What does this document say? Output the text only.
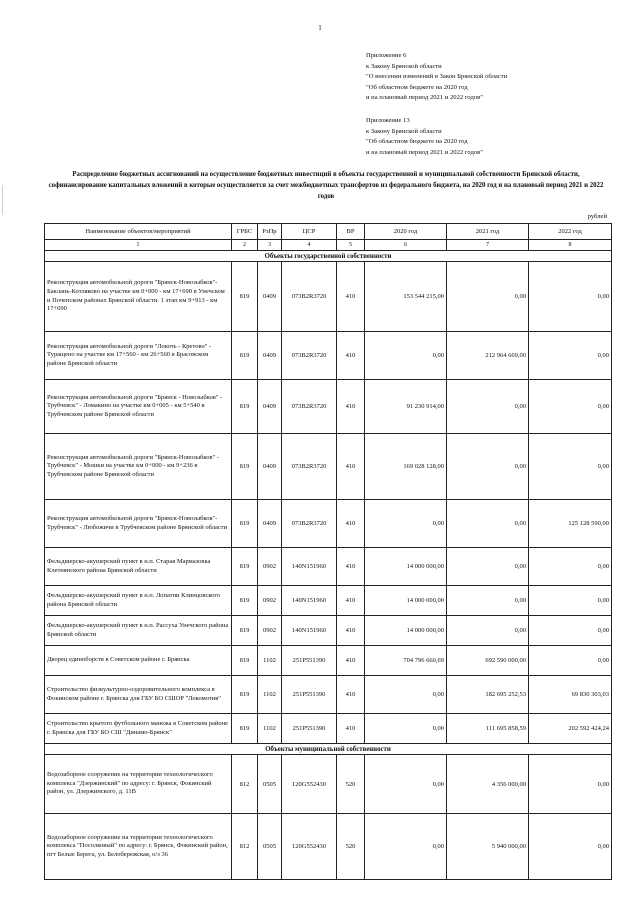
1
Приложение 6
к Закону Брянской области
"О внесении изменений в Закон Брянской области
"Об областном бюджете на 2020 год
и на плановый период 2021 и 2022 годов"
Приложение 13
к Закону Брянской области
"Об областном бюджете на 2020 год
и на плановый период 2021 и 2022 годов"
Распределение бюджетных ассигнований на осуществление бюджетных инвестиций в объекты государственной и муниципальной собственности Брянской области, софинансирование капитальных вложений в которые осуществляется за счет межбюджетных трансфертов из федерального бюджета, на 2020 год и на плановый период 2021 и 2022 годов
рублей
Наименование объектов/мероприятий	ГРБС	РзПр	ЦСР	ВР	2020 год	2021 год	2022 год
1	2	3	4	5	6	7	8
Объекты государственной собственности							
Реконструкция автомобильной дороги "Брянск-Новозыбков"-Баклань-Котляково на участке км 0+000 - км 17+690 в Унечском и Почепском районах Брянской области. 1 этап км 9+913 - км 17+690	819	0409	073В2R3720	410	153 544 215,00	0,00	0,00
Реконструкция автомобильной дороги "Локоть - Кретово" - Туращено на участке км 17+560 - км 26+560 в Брасовском районе Брянской области	819	0409	073В2R3720	410	0,00	212 964 669,00	0,00
Реконструкция автомобильной дороги "Брянск - Новозыбков" - Трубчевск" - Ломакино на участке км 0+005 - км 5+540 в Трубчевском районе Брянской области	819	0409	073В2R3720	410	91 230 914,00	0,00	0,00
Реконструкция автомобильной дороги "Брянск-Новозыбков" - Трубчевск" - Мошки на участке км 0+000 - км 9+236 в Трубчевском районе Брянской области	819	0409	073В2R3720	410	169 028 128,00	0,00	0,00
Реконструкция автомобильной дороги "Брянск-Новозыбков"-Трубчевск" - Любожичи в Трубчевском районе Брянской области	819	0409	073В2R3720	410	0,00	0,00	125 128 590,00
Фельдшерско-акушерский пункт в н.п. Старая Мармазовка Клетнянского района Брянской области	819	0902	140N151960	410	14 000 000,00	0,00	0,00
Фельдшерско-акушерский пункт в н.п. Лопатни Клинцовского района Брянской области	819	0902	140N151960	410	14 000 000,00	0,00	0,00
Фельдшерско-акушерский пункт в н.п. Рассуха Унечского района Брянской области	819	0902	140N151960	410	14 000 000,00	0,00	0,00
Дворец единоборств в Советском районе г. Брянска	819	1102	251Р551390	410	704 796 660,69	692 590 000,00	0,00
Строительство физкультурно-оздоровительного комплекса в Фокинском районе г. Брянска для ГБУ БО СШОР "Локомотив"	819	1102	251Р551390	410	0,00	182 695 252,53	69 830 303,03
Строительство крытого футбольного манежа в Советском районе г. Брянска для ГБУ БО СШ "Динамо-Брянск"	819	1102	251Р551390	410	0,00	111 695 858,59	202 592 424,24
Объекты муниципальной собственности							
Водозаборное сооружение на территории технологического комплекса "Дзержинский" по адресу: г. Брянск, Фокинский район, ул. Дзержинского, д. 11В	812	0505	120G552430	520	0,00	4 356 000,00	0,00
Водозаборное сооружение на территории технологического комплекса "Посолковый" по адресу: г. Брянск, Фокинский район, пгт Белые Берега, ул. Белобережская, о/з 36	812	0505	120G552430	520	0,00	5 940 000,00	0,00
